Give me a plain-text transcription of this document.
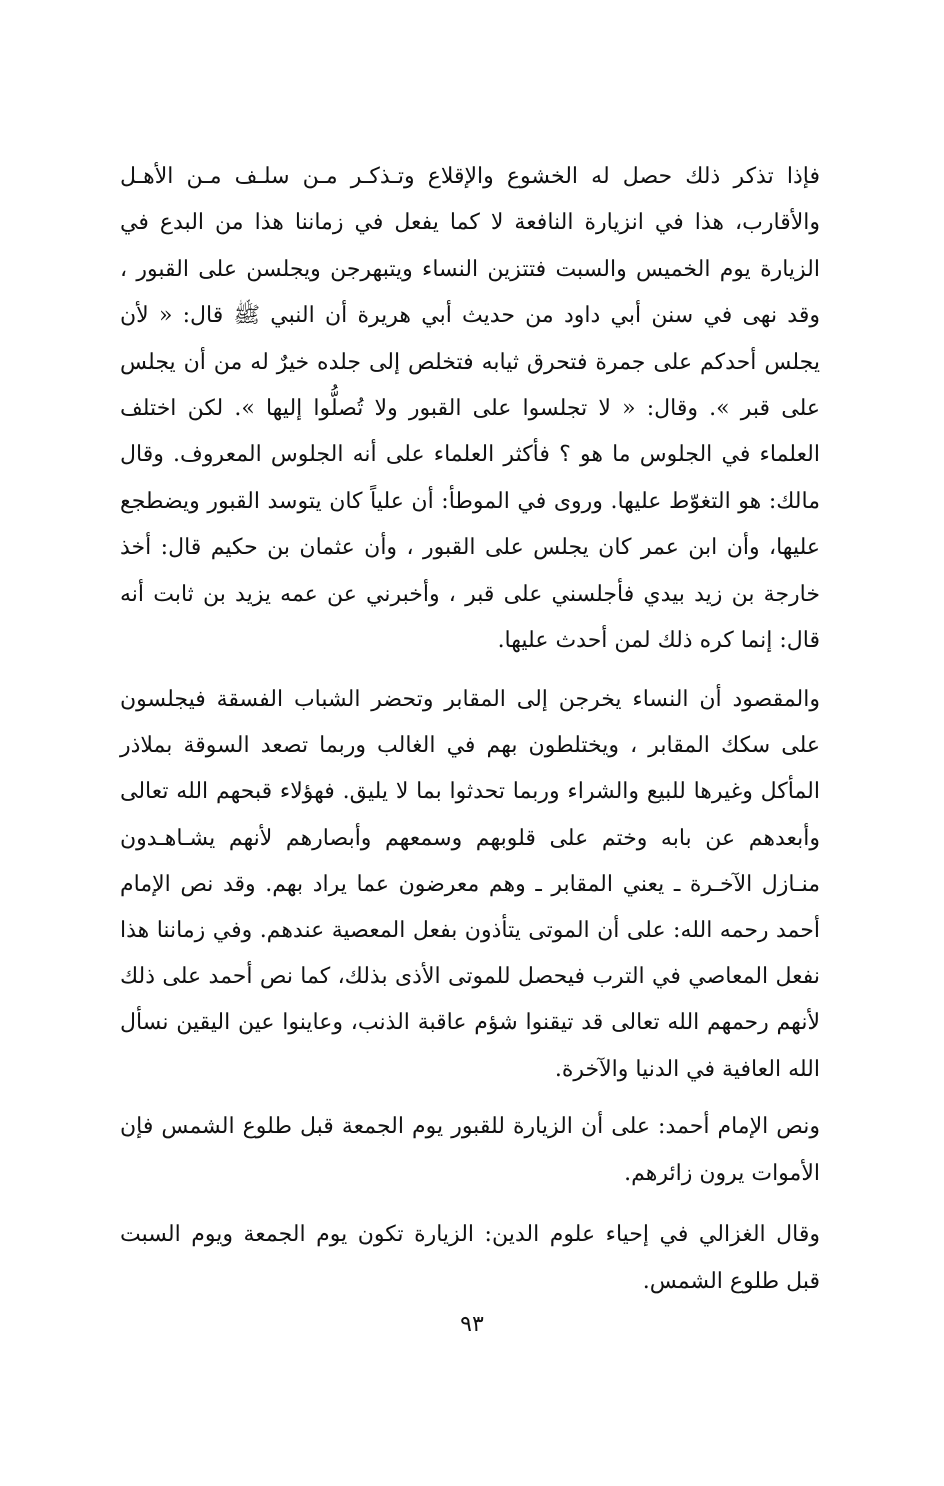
فإذا تذكر ذلك حصل له الخشوع والإقلاع وتـذكـر مـن سلـف مـن الأهـل والأقارب، هذا في انزيارة النافعة لا كما يفعل في زماننا هذا من البدع في الزيارة يوم الخميس والسبت فتتزين النساء ويتبهرجن ويجلسن على القبور ، وقد نهى في سنن أبي داود من حديث أبي هريرة أن النبي ﷺ قال: « لأن يجلس أحدكم على جمرة فتحرق ثيابه فتخلص إلى جلده خيرٌ له من أن يجلس على قبر ». وقال: « لا تجلسوا على القبور ولا تُصلُّوا إليها ». لكن اختلف العلماء في الجلوس ما هو ؟ فأكثر العلماء على أنه الجلوس المعروف. وقال مالك: هو التغوّط عليها. وروى في الموطأ: أن علياً كان يتوسد القبور ويضطجع عليها، وأن ابن عمر كان يجلس على القبور ، وأن عثمان بن حكيم قال: أخذ خارجة بن زيد بيدي فأجلسني على قبر ، وأخبرني عن عمه يزيد بن ثابت أنه قال: إنما كره ذلك لمن أحدث عليها.

والمقصود أن النساء يخرجن إلى المقابر وتحضر الشباب الفسقة فيجلسون على سكك المقابر ، ويختلطون بهم في الغالب وربما تصعد السوقة بملاذر المأكل وغيرها للبيع والشراء وربما تحدثوا بما لا يليق. فهؤلاء قبحهم الله تعالى وأبعدهم عن بابه وختم على قلوبهم وسمعهم وأبصارهم لأنهم يشـاهـدون منـازل الآخـرة ـ يعني المقابر ـ وهم معرضون عما يراد بهم. وقد نص الإمام أحمد رحمه الله: على أن الموتى يتأذون بفعل المعصية عندهم. وفي زماننا هذا نفعل المعاصي في الترب فيحصل للموتى الأذى بذلك، كما نص أحمد على ذلك لأنهم رحمهم الله تعالى قد تيقنوا شؤم عاقبة الذنب، وعاينوا عين اليقين نسأل الله العافية في الدنيا والآخرة.

ونص الإمام أحمد: على أن الزيارة للقبور يوم الجمعة قبل طلوع الشمس فإن الأموات يرون زائرهم.

وقال الغزالي في إحياء علوم الدين: الزيارة تكون يوم الجمعة ويوم السبت قبل طلوع الشمس.

٩٣
